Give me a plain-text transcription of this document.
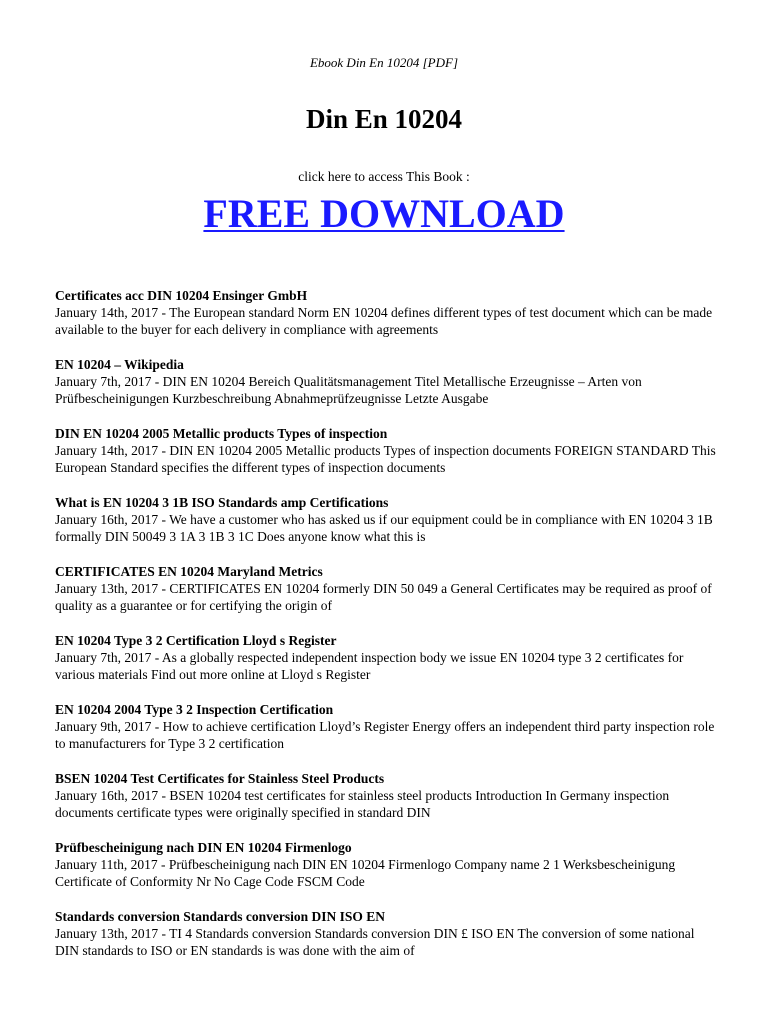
Ebook Din En 10204 [PDF]
Din En 10204
click here to access This Book :
FREE DOWNLOAD
Certificates acc DIN 10204 Ensinger GmbH
January 14th, 2017 - The European standard Norm EN 10204 defines different types of test document which can be made available to the buyer for each delivery in compliance with agreements
EN 10204 – Wikipedia
January 7th, 2017 - DIN EN 10204 Bereich Qualitätsmanagement Titel Metallische Erzeugnisse – Arten von Prüfbescheinigungen Kurzbeschreibung Abnahmeprüfzeugnisse Letzte Ausgabe
DIN EN 10204 2005 Metallic products Types of inspection
January 14th, 2017 - DIN EN 10204 2005 Metallic products Types of inspection documents FOREIGN STANDARD This European Standard specifies the different types of inspection documents
What is EN 10204 3 1B ISO Standards amp Certifications
January 16th, 2017 - We have a customer who has asked us if our equipment could be in compliance with EN 10204 3 1B formally DIN 50049 3 1A 3 1B 3 1C Does anyone know what this is
CERTIFICATES EN 10204 Maryland Metrics
January 13th, 2017 - CERTIFICATES EN 10204 formerly DIN 50 049 a General Certificates may be required as proof of quality as a guarantee or for certifying the origin of
EN 10204 Type 3 2 Certification Lloyd s Register
January 7th, 2017 - As a globally respected independent inspection body we issue EN 10204 type 3 2 certificates for various materials Find out more online at Lloyd s Register
EN 10204 2004 Type 3 2 Inspection Certification
January 9th, 2017 - How to achieve certification Lloyd’s Register Energy offers an independent third party inspection role to manufacturers for Type 3 2 certification
BSEN 10204 Test Certificates for Stainless Steel Products
January 16th, 2017 - BSEN 10204 test certificates for stainless steel products Introduction In Germany inspection documents certificate types were originally specified in standard DIN
Prüfbescheinigung nach DIN EN 10204 Firmenlogo
January 11th, 2017 - Prüfbescheinigung nach DIN EN 10204 Firmenlogo Company name 2 1 Werksbescheinigung Certificate of Conformity Nr No Cage Code FSCM Code
Standards conversion Standards conversion DIN ISO EN
January 13th, 2017 - TI 4 Standards conversion Standards conversion DIN £ ISO EN The conversion of some national DIN standards to ISO or EN standards is was done with the aim of
